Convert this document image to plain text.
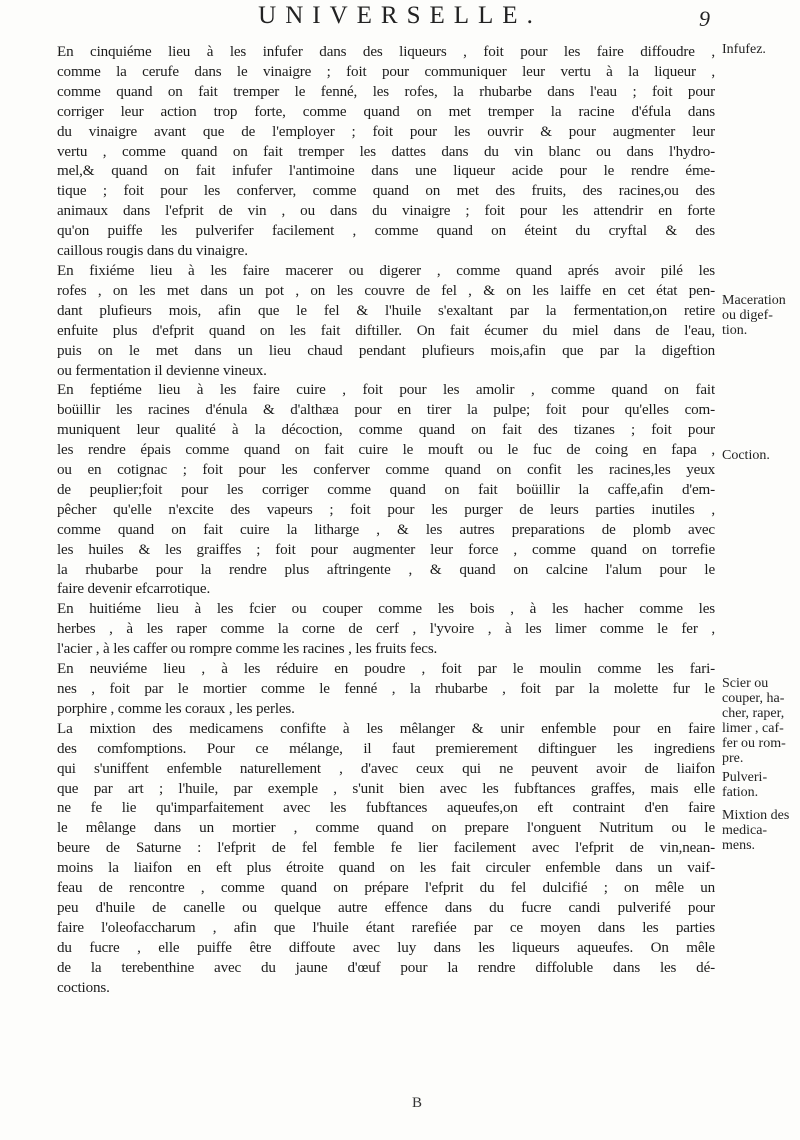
UNIVERSELLE.	9

En cinquiéme lieu à les infufer dans des liqueurs , foit pour les faire diffoudre ,
comme la cerufe dans le vinaigre ; foit pour communiquer leur vertu à la liqueur ,
comme quand on fait tremper le fenné, les rofes, la rhubarbe dans l'eau ; foit pour
corriger leur action trop forte, comme quand on met tremper la racine d'éfula dans
du vinaigre avant que de l'employer ; foit pour les ouvrir & pour augmenter leur
vertu , comme quand on fait tremper les dattes dans du vin blanc ou dans l'hydro-
mel,& quand on fait infufer l'antimoine dans une liqueur acide pour le rendre éme-
tique ; foit pour les conferver, comme quand on met des fruits, des racines,ou des
animaux dans l'efprit de vin , ou dans du vinaigre ; foit pour les attendrir en forte
qu'on puiffe les pulverifer facilement , comme quand on éteint du cryftal & des
caillous rougis dans du vinaigre.

En fixiéme lieu à les faire macerer ou digerer , comme quand aprés avoir pilé les
rofes , on les met dans un pot , on les couvre de fel , & on les laiffe en cet état pen-
dant plufieurs mois, afin que le fel & l'huile s'exaltant par la fermentation,on retire
enfuite plus d'efprit quand on les fait diftiller. On fait écumer du miel dans de l'eau,
puis on le met dans un lieu chaud pendant plufieurs mois,afin que par la digeftion
ou fermentation il devienne vineux.

En feptiéme lieu à les faire cuire , foit pour les amolir , comme quand on fait
boüillir les racines d'énula & d'althæa pour en tirer la pulpe; foit pour qu'elles com-
muniquent leur qualité à la décoction, comme quand on fait des tizanes ; foit pour
les rendre épais comme quand on fait cuire le mouft ou le fuc de coing en fapa ,
ou en cotignac ; foit pour les conferver comme quand on confit les racines,les yeux
de peuplier;foit pour les corriger comme quand on fait boüillir la caffe,afin d'em-
pêcher qu'elle n'excite des vapeurs ; foit pour les purger de leurs parties inutiles ,
comme quand on fait cuire la litharge , & les autres preparations de plomb avec
les huiles & les graiffes ; foit pour augmenter leur force , comme quand on torrefie
la rhubarbe pour la rendre plus aftringente , & quand on calcine l'alum pour le
faire devenir efcarrotique.

En huitiéme lieu à les fcier ou couper comme les bois , à les hacher comme les
herbes , à les raper comme la corne de cerf , l'yvoire , à les limer comme le fer ,
l'acier , à les caffer ou rompre comme les racines , les fruits fecs.

En neuviéme lieu , à les réduire en poudre , foit par le moulin comme les fari-
nes , foit par le mortier comme le fenné , la rhubarbe , foit par la molette fur le
porphire , comme les coraux , les perles.

La mixtion des medicamens confifte à les mêlanger & unir enfemble pour en faire
des comfomptions. Pour ce mélange, il faut premierement diftinguer les ingrediens
qui s'uniffent enfemble naturellement , d'avec ceux qui ne peuvent avoir de liaifon
que par art ; l'huile, par exemple , s'unit bien avec les fubftances graffes, mais elle
ne fe lie qu'imparfaitement avec les fubftances aqueufes,on eft contraint d'en faire
le mêlange dans un mortier , comme quand on prepare l'onguent Nutritum ou le
beure de Saturne : l'efprit de fel femble fe lier facilement avec l'efprit de vin,nean-
moins la liaifon en eft plus étroite quand on les fait circuler enfemble dans un vaif-
feau de rencontre , comme quand on prépare l'efprit du fel dulcifié ; on mêle un
peu d'huile de canelle ou quelque autre effence dans du fucre candi pulverifé pour
faire l'oleofaccharum , afin que l'huile étant rarefiée par ce moyen dans les parties
du fucre , elle puiffe être diffoute avec luy dans les liqueurs aqueufes. On mêle
de la terebenthine avec du jaune d'œuf pour la rendre diffoluble dans les dé-
coctions.

Infufez.
Maceration
ou digef-
tion.
Coction.
Scier ou
couper, ha-
cher, raper,
limer , caf-
fer ou rom-
pre.
Pulveri-
fation.
Mixtion des
medica-
mens.
B
